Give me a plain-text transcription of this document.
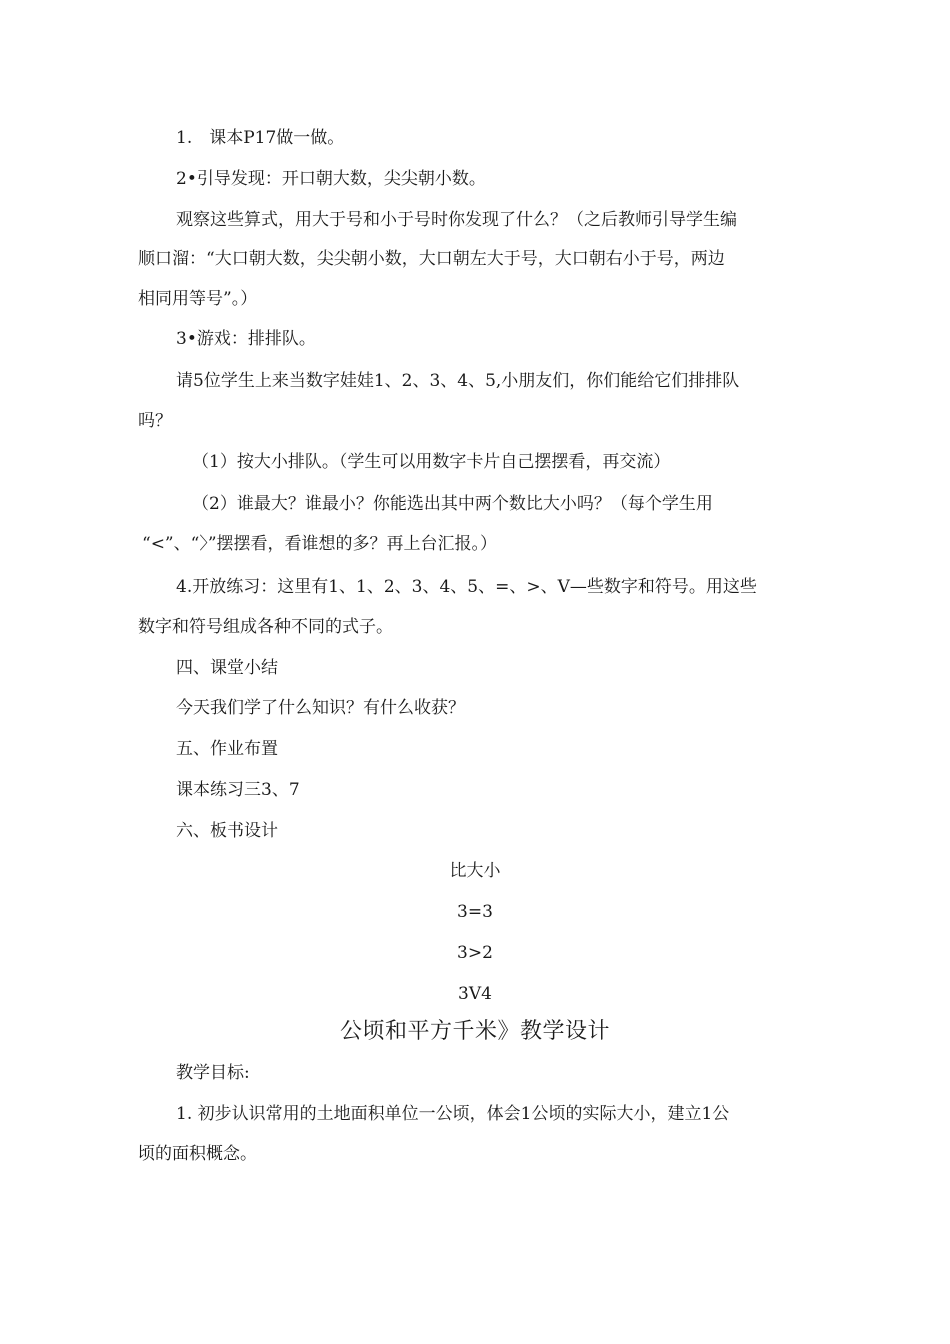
1.　课本P17做一做。

2•引导发现：开口朝大数，尖尖朝小数。

观察这些算式，用大于号和小于号时你发现了什么？（之后教师引导学生编

顺口溜：“大口朝大数，尖尖朝小数，大口朝左大于号，大口朝右小于号，两边

相同用等号”。）

3•游戏：排排队。

请5位学生上来当数字娃娃1、2、3、4、5,小朋友们，你们能给它们排排队

吗？

（1）按大小排队。（学生可以用数字卡片自己摆摆看，再交流）

（2）谁最大？谁最小？你能选出其中两个数比大小吗？（每个学生用

“<”、“〉”摆摆看，看谁想的多？再上台汇报。）

4.开放练习：这里有1、1、2、3、4、5、=、>、V—些数字和符号。用这些

数字和符号组成各种不同的式子。

四、课堂小结

今天我们学了什么知识？有什么收获？

五、作业布置

课本练习三3、7

六、板书设计

比大小

3=3

3>2

3V4

公顷和平方千米》教学设计

教学目标:

1. 初步认识常用的土地面积单位一公顷，体会1公顷的实际大小，建立1公

顷的面积概念。
